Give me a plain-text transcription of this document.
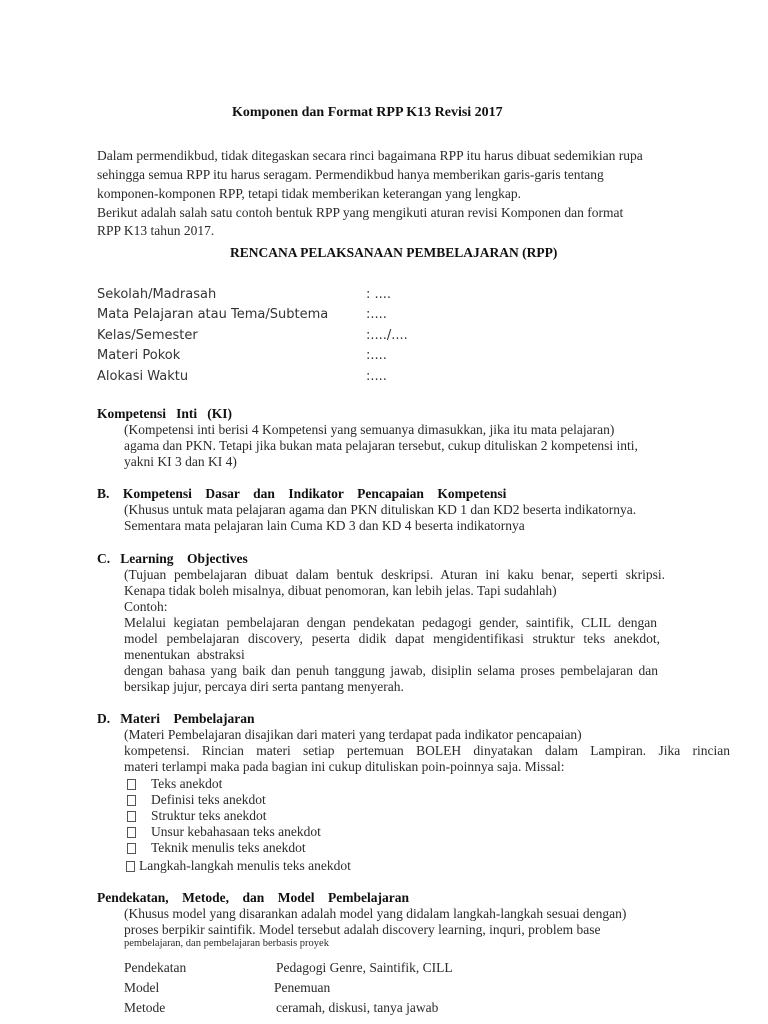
Komponen dan Format RPP K13 Revisi 2017
Dalam permendikbud, tidak ditegaskan secara rinci bagaimana RPP itu harus dibuat sedemikian rupa
sehingga semua RPP itu harus seragam. Permendikbud hanya memberikan garis-garis tentang
komponen-komponen RPP, tetapi tidak memberikan keterangan yang lengkap.
Berikut adalah salah satu contoh bentuk RPP yang mengikuti aturan revisi Komponen dan format
RPP K13 tahun 2017.
RENCANA PELAKSANAAN PEMBELAJARAN (RPP)
Sekolah/Madrasah	: ....
Mata Pelajaran atau Tema/Subtema	:....
Kelas/Semester	:..../....
Materi Pokok	:....
Alokasi Waktu	:....
Kompetensi   Inti   (KI)
(Kompetensi inti berisi 4 Kompetensi yang semuanya dimasukkan, jika itu mata pelajaran)
agama dan PKN. Tetapi jika bukan mata pelajaran tersebut, cukup dituliskan 2 kompetensi inti,
yakni KI 3 dan KI 4)
B.    Kompetensi    Dasar    dan    Indikator    Pencapaian    Kompetensi
(Khusus untuk mata pelajaran agama dan PKN dituliskan KD 1 dan KD2 beserta indikatornya.
Sementara mata pelajaran lain Cuma KD 3 dan KD 4 beserta indikatornya
C.   Learning    Objectives
(Tujuan pembelajaran dibuat dalam bentuk deskripsi. Aturan ini kaku benar, seperti skripsi.
Kenapa tidak boleh misalnya, dibuat penomoran, kan lebih jelas. Tapi sudahlah)
Contoh:
Melalui kegiatan pembelajaran dengan pendekatan pedagogi gender, saintifik, CLIL dengan
model pembelajaran discovery, peserta didik dapat mengidentifikasi struktur teks anekdot,
menentukan  abstraksi
dengan bahasa yang baik dan penuh tanggung jawab, disiplin selama proses pembelajaran dan
bersikap jujur, percaya diri serta pantang menyerah.
D.   Materi    Pembelajaran
(Materi Pembelajaran disajikan dari materi yang terdapat pada indikator pencapaian)
kompetensi. Rincian materi setiap pertemuan BOLEH dinyatakan dalam Lampiran. Jika rincian
materi terlampi maka pada bagian ini cukup dituliskan poin-poinnya saja. Missal:
Teks anekdot
Definisi teks anekdot
Struktur teks anekdot
Unsur kebahasaan teks anekdot
Teknik menulis teks anekdot
Langkah-langkah menulis teks anekdot
Pendekatan,    Metode,    dan    Model    Pembelajaran
(Khusus model yang disarankan adalah model yang didalam langkah-langkah sesuai dengan)
proses berpikir saintifik. Model tersebut adalah discovery learning, inquri, problem base
pembelajaran, dan pembelajaran berbasis proyek
Pendekatan	Pedagogi Genre, Saintifik, CILL
Model	Penemuan
Metode	ceramah, diskusi, tanya jawab
